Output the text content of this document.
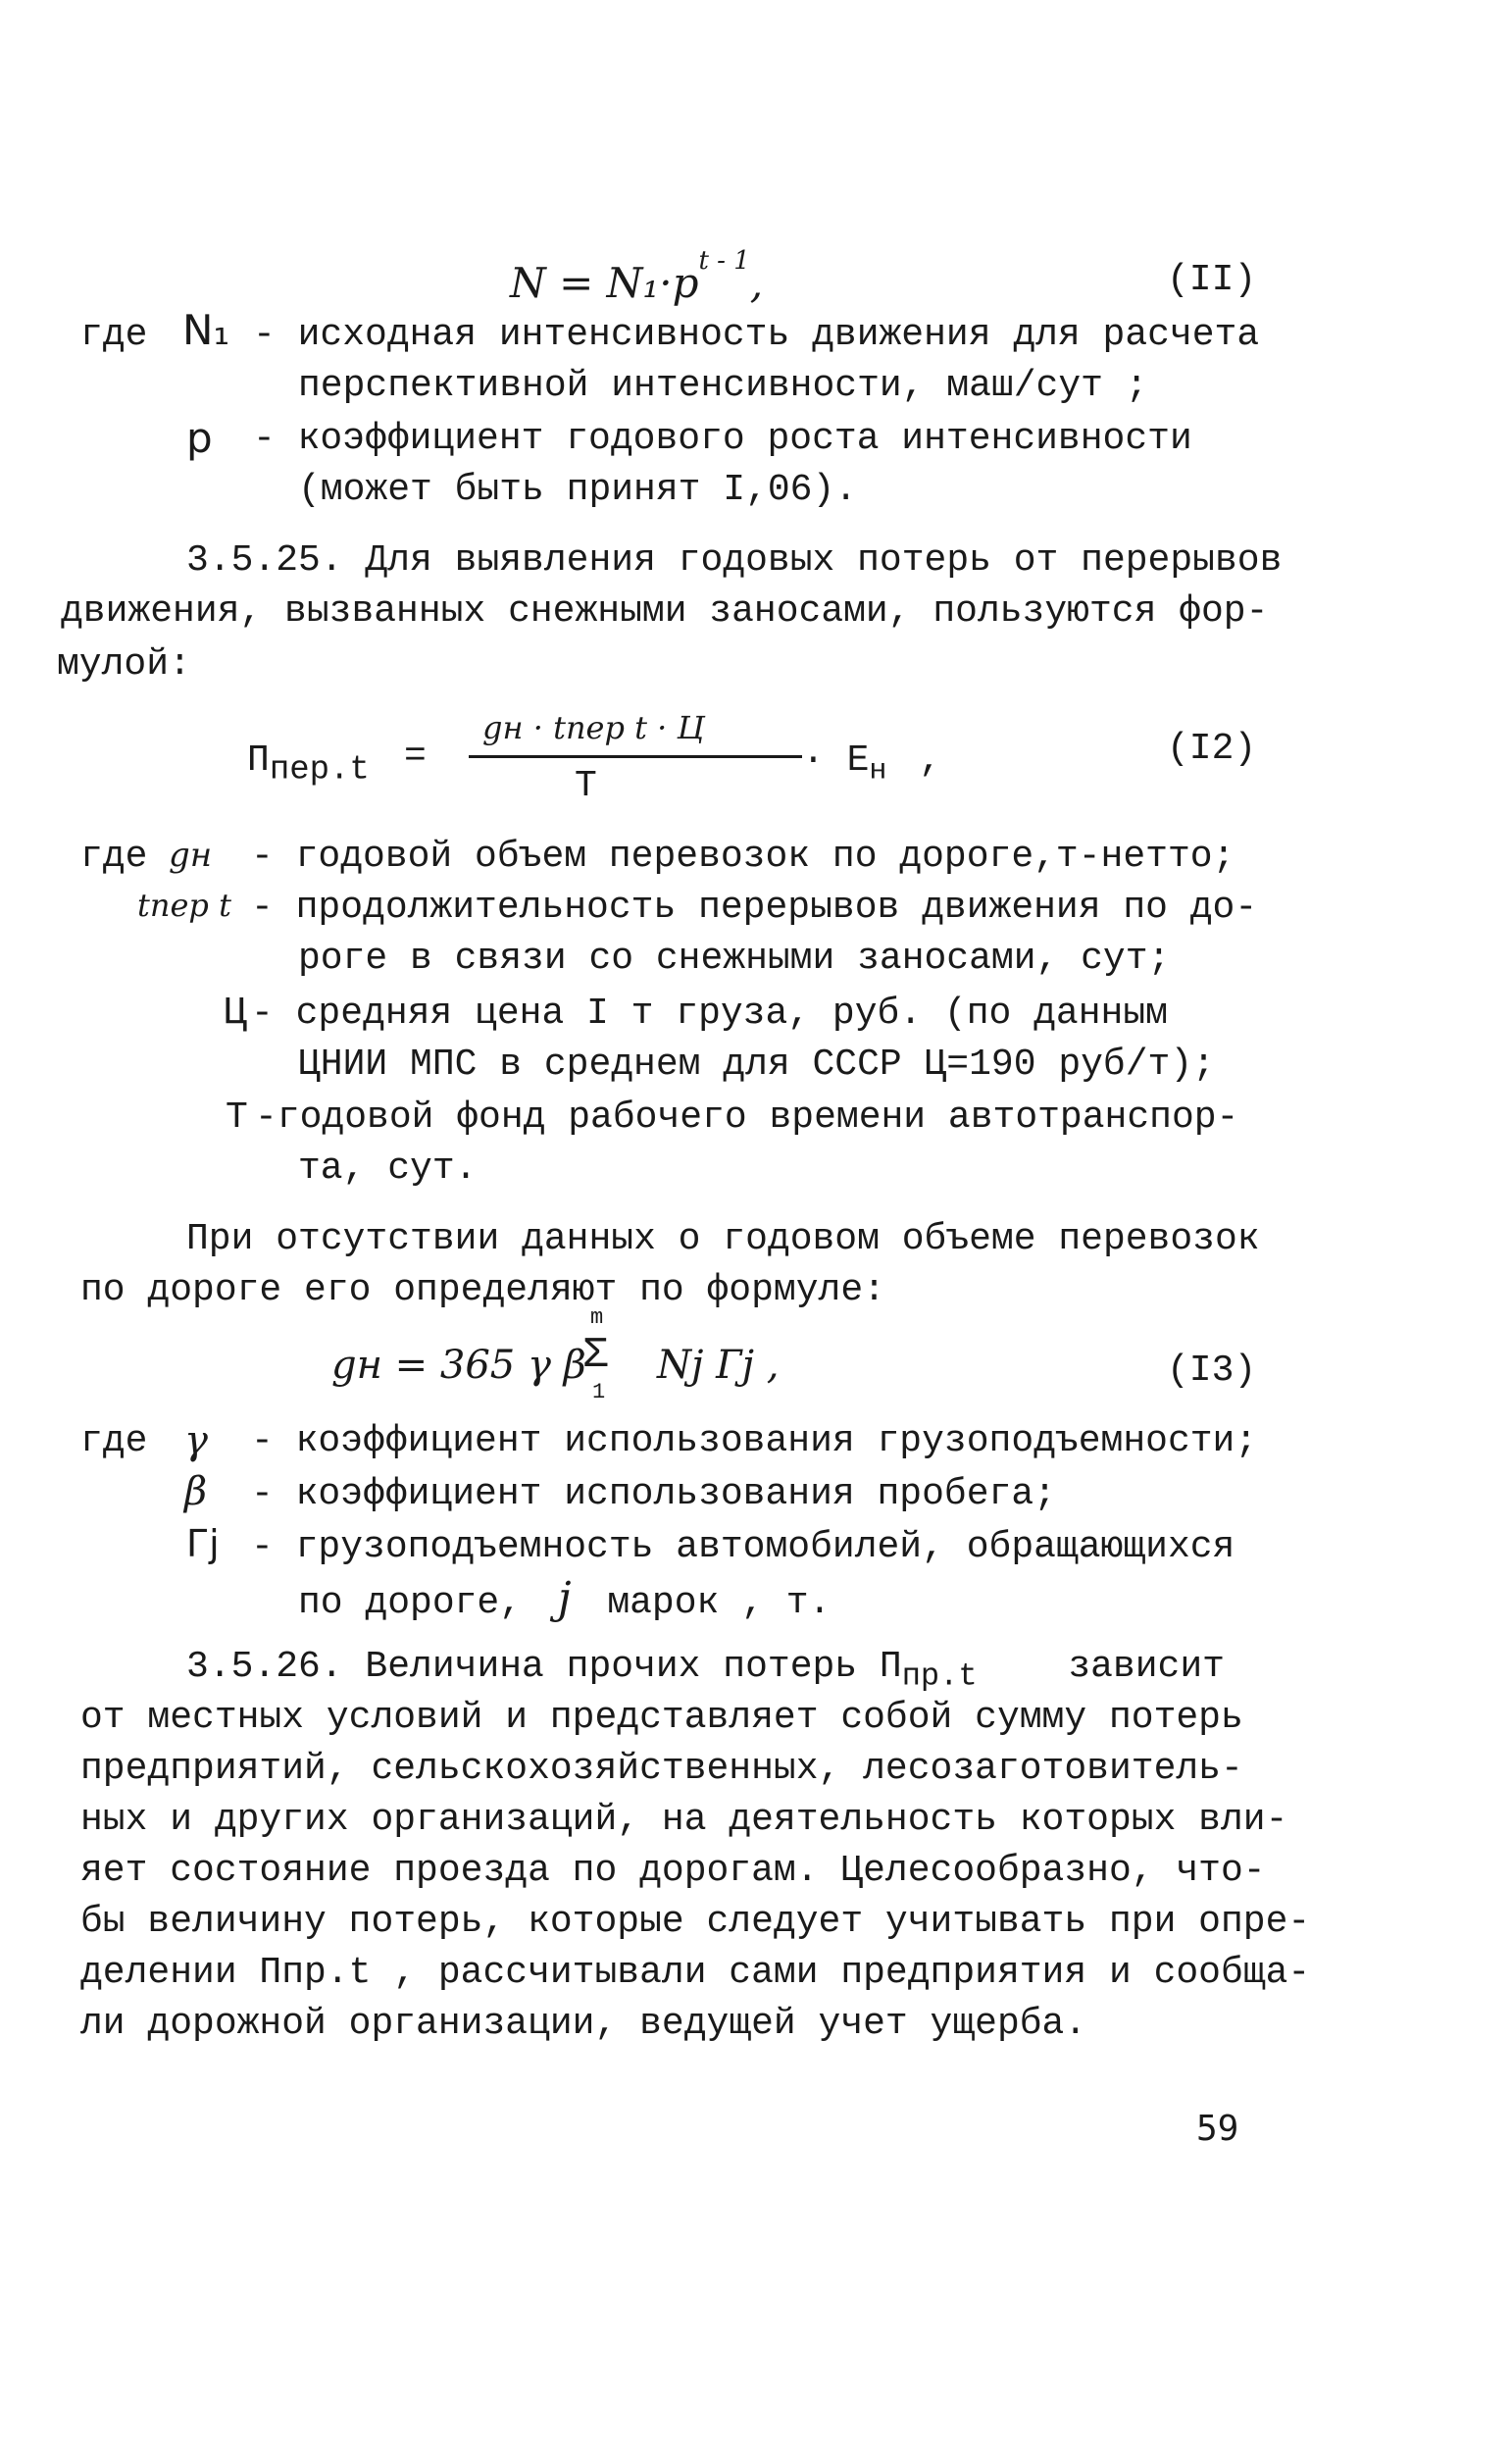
$N = N_1\cdot p^{t - 1}$,	(II)
где N₁ - исходная интенсивность движения для расчета
перспективной интенсивности, маш/сут ;
p - коэффициент годового роста интенсивности
(может быть принят I,06).
3.5.25. Для выявления годовых потерь от перерывов
движения, вызванных снежными заносами, пользуются фор-
мулой:
$П_{пер.t}$ =
gн · tпер t · Ц
Т
· $Е_н$ ,	(I2)
где gн - годовой объем перевозок по дороге,т-нетто;
tпер t - продолжительность перерывов движения по до-
роге в связи со снежными заносами, сут;
Ц - средняя цена I т груза, руб. (по данным
ЦНИИ МПС в среднем для СССР Ц=190 руб/т);
Т -годовой фонд рабочего времени автотранспор-
та, сут.
При отсутствии данных о годовом объеме перевозок
по дороге его определяют по формуле:
gн = 365 γ β
m
Σ
1
Nj Гj ,	(I3)
где γ - коэффициент использования грузоподъемности;
β - коэффициент использования пробега;
Гj - грузоподъемность автомобилей, обращающихся
по дороге, j марок , т.
3.5.26. Величина прочих потерь $П_{пр.t}$ зависит
от местных условий и представляет собой сумму потерь
предприятий, сельскохозяйственных, лесозаготовитель-
ных и других организаций, на деятельность которых вли-
яет состояние проезда по дорогам. Целесообразно, что-
бы величину потерь, которые следует учитывать при опре-
делении Ппр.t , рассчитывали сами предприятия и сообща-
ли дорожной организации, ведущей учет ущерба.
59
